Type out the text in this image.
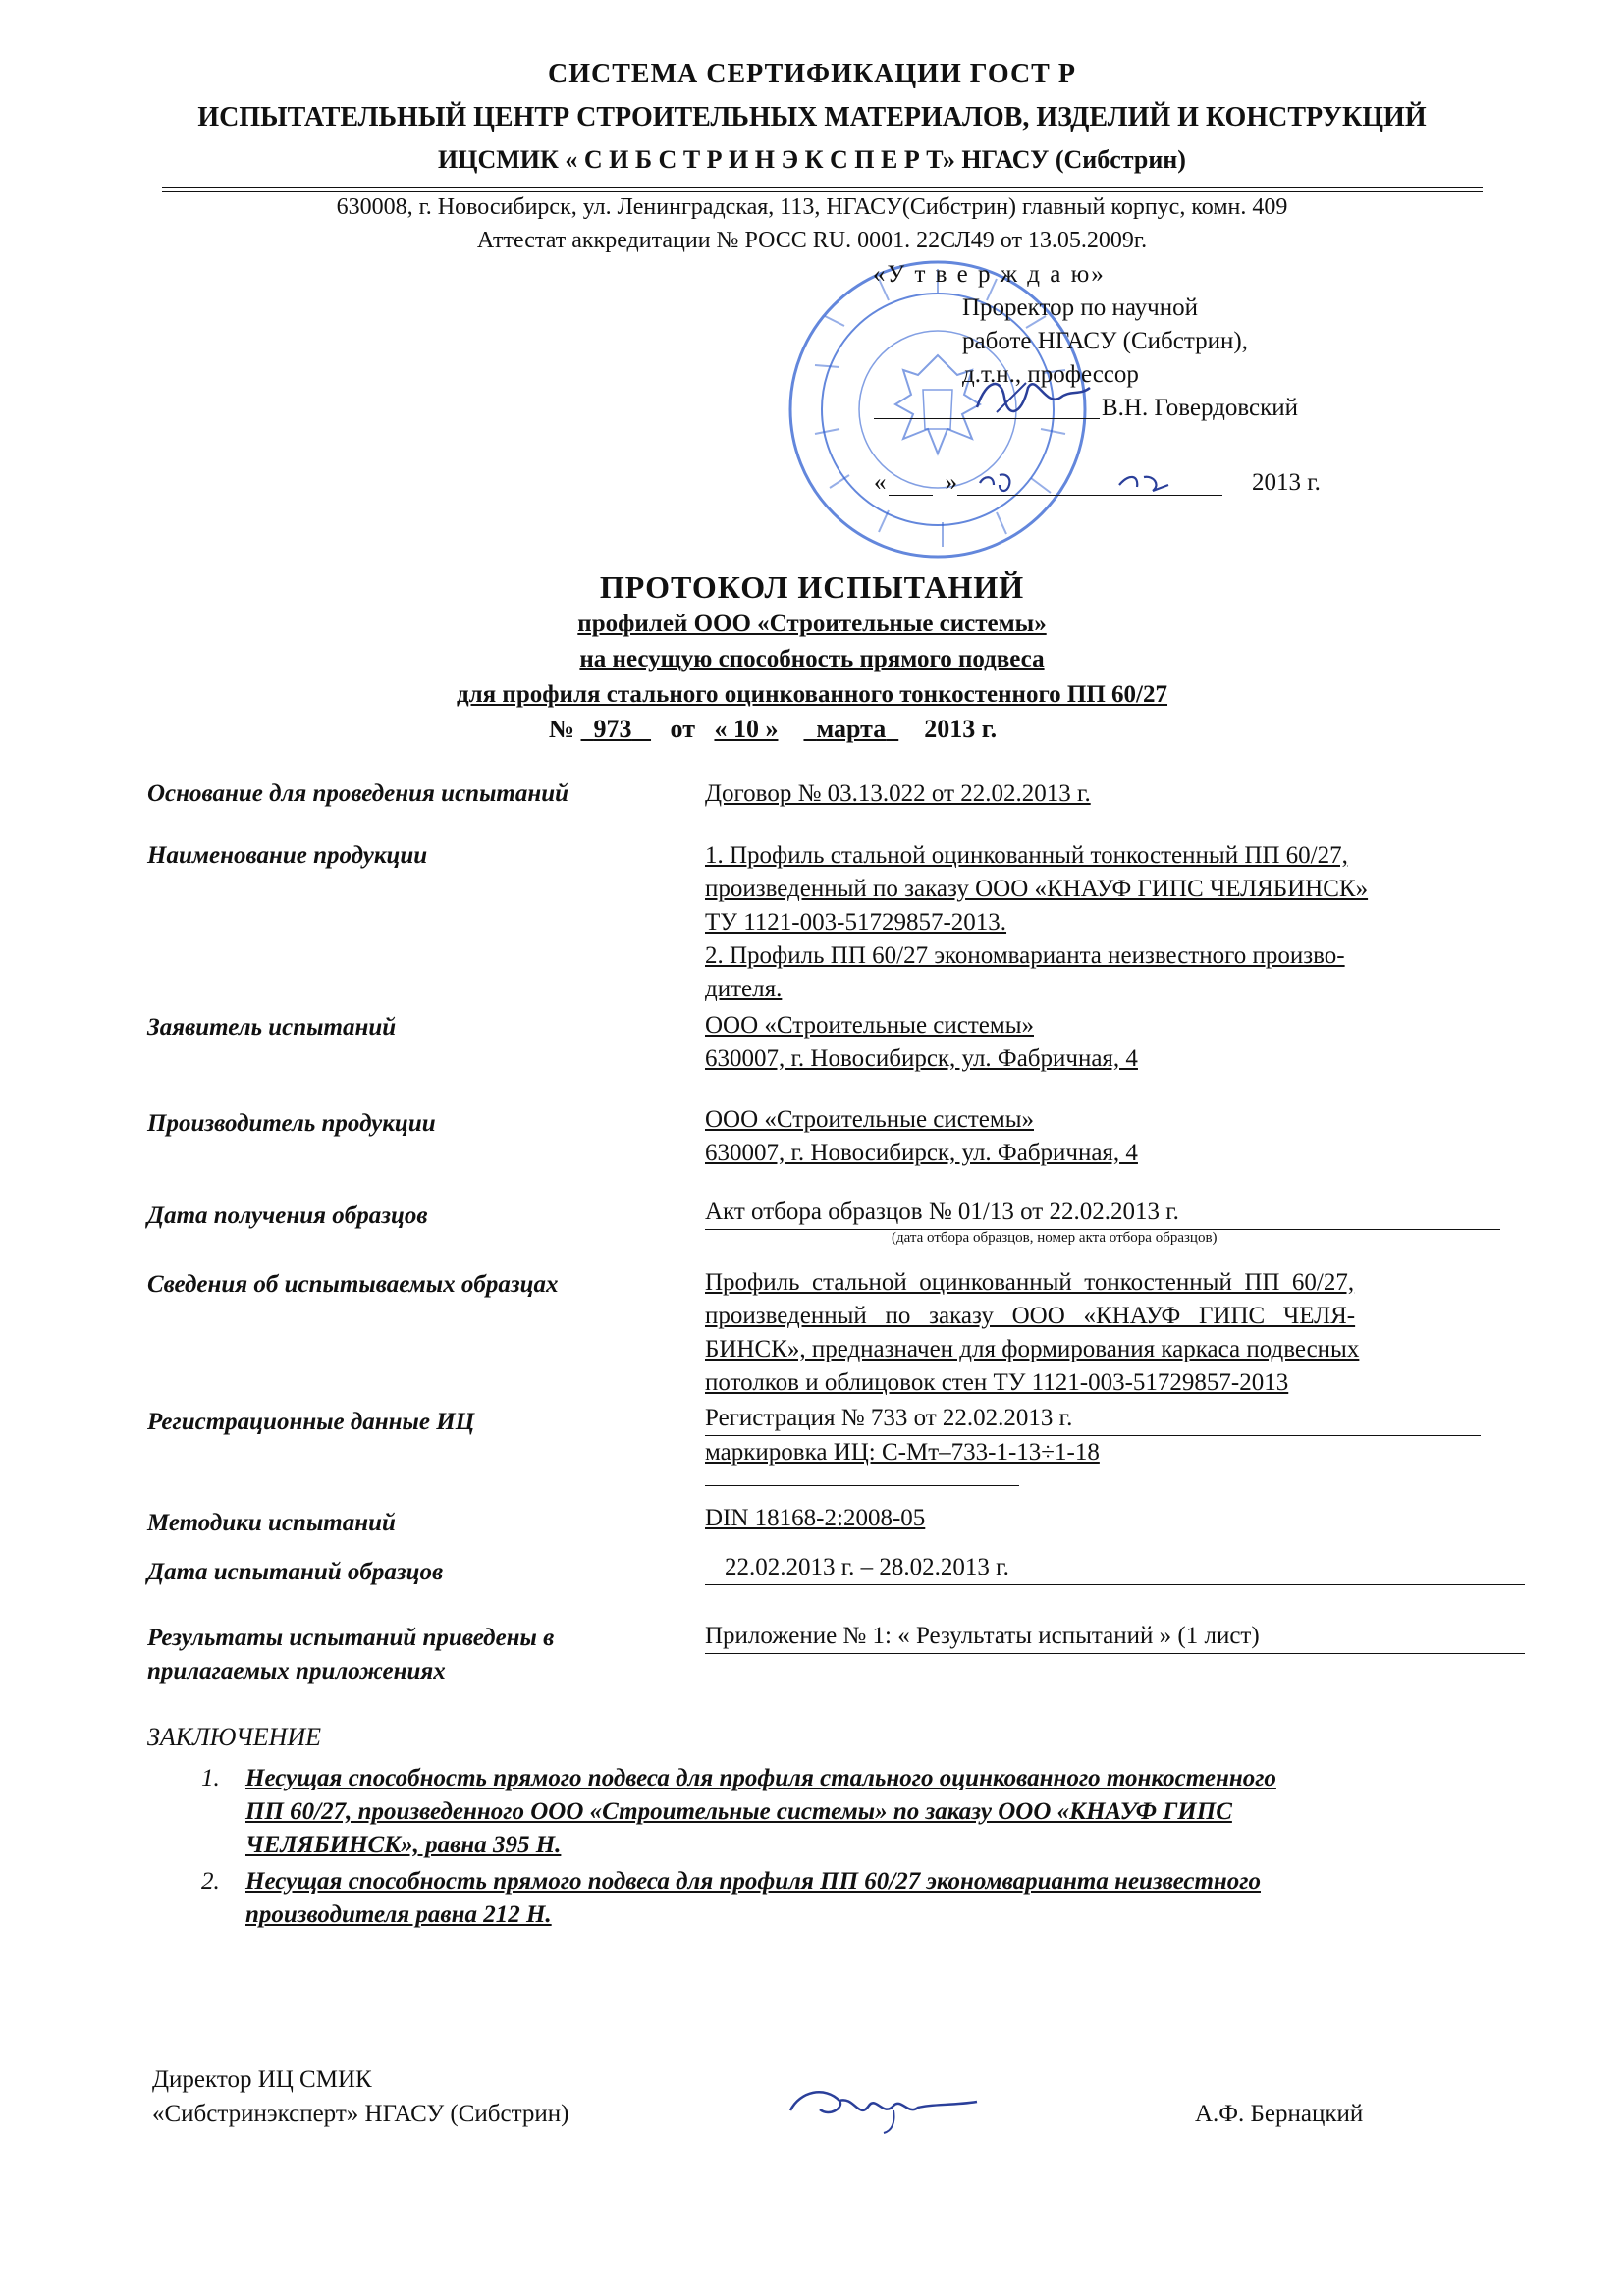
СИСТЕМА СЕРТИФИКАЦИИ ГОСТ Р
ИСПЫТАТЕЛЬНЫЙ ЦЕНТР СТРОИТЕЛЬНЫХ МАТЕРИАЛОВ, ИЗДЕЛИЙ И КОНСТРУКЦИЙ
ИЦСМИК « С И Б С Т Р И Н Э К С П Е Р Т» НГАСУ (Сибстрин)
630008, г. Новосибирск, ул. Ленинградская, 113, НГАСУ(Сибстрин) главный корпус, комн. 409
Аттестат аккредитации № РОСС RU. 0001. 22СЛ49 от 13.05.2009г.
«У т в е р ж д а ю»
Проректор по научной
работе НГАСУ (Сибстрин),
д.т.н., профессор
В.Н. Говердовский
« »	2013 г.
ПРОТОКОЛ ИСПЫТАНИЙ
профилей ООО «Строительные системы»
на несущую способность прямого подвеса
для профиля стального оцинкованного тонкостенного ПП 60/27
№ 973 от « 10 » марта 2013 г.
Основание для проведения испытаний	Договор № 03.13.022 от 22.02.2013 г.
Наименование продукции	1. Профиль стальной оцинкованный тонкостенный ПП 60/27,
произведенный по заказу ООО «КНАУФ ГИПС ЧЕЛЯБИНСК»
ТУ 1121-003-51729857-2013.
2. Профиль ПП 60/27 экономварианта неизвестного произво-
дителя.
Заявитель испытаний	ООО «Строительные системы»
630007, г. Новосибирск, ул. Фабричная, 4
Производитель продукции	ООО «Строительные системы»
630007, г. Новосибирск, ул. Фабричная, 4
Дата получения образцов	Акт отбора образцов № 01/13 от 22.02.2013 г.
(дата отбора образцов, номер акта отбора образцов)
Сведения об испытываемых образцах	Профиль  стальной  оцинкованный  тонкостенный  ПП  60/27,
произведенный   по   заказу   ООО   «КНАУФ   ГИПС   ЧЕЛЯ-
БИНСК», предназначен для формирования каркаса подвесных
потолков и облицовок стен ТУ 1121-003-51729857-2013
Регистрационные данные ИЦ	Регистрация № 733 от 22.02.2013 г.
маркировка ИЦ: С-Мт–733-1-13÷1-18
Методики испытаний	DIN 18168-2:2008-05
Дата испытаний образцов	22.02.2013 г. – 28.02.2013 г.
Результаты испытаний приведены в
прилагаемых приложениях
Приложение № 1: « Результаты испытаний » (1 лист)
ЗАКЛЮЧЕНИЕ
1. Несущая способность прямого подвеса для профиля стального оцинкованного тонкостенного
ПП 60/27, произведенного ООО «Строительные системы» по заказу ООО «КНАУФ ГИПС
ЧЕЛЯБИНСК», равна 395 Н.
2. Несущая способность прямого подвеса для профиля ПП 60/27 экономварианта неизвестного
производителя равна 212 Н.
Директор ИЦ СМИК
«Сибстринэксперт» НГАСУ (Сибстрин)	А.Ф. Бернацкий
